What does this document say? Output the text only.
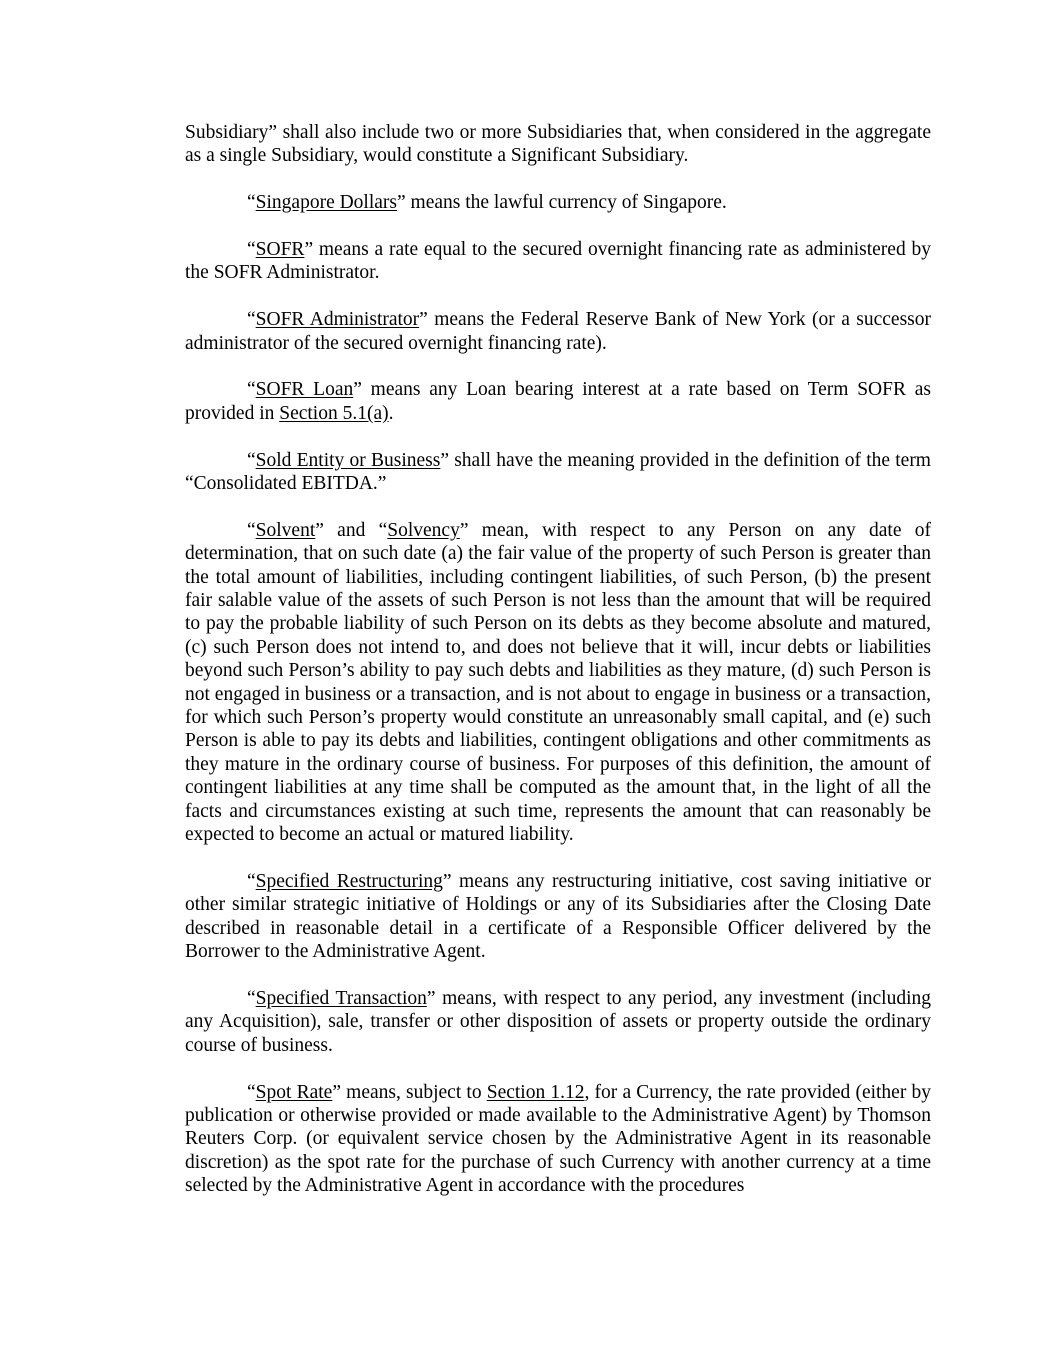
Subsidiary” shall also include two or more Subsidiaries that, when considered in the aggregate as a single Subsidiary, would constitute a Significant Subsidiary.

“Singapore Dollars” means the lawful currency of Singapore.

“SOFR” means a rate equal to the secured overnight financing rate as administered by the SOFR Administrator.

“SOFR Administrator” means the Federal Reserve Bank of New York (or a successor administrator of the secured overnight financing rate).

“SOFR Loan” means any Loan bearing interest at a rate based on Term SOFR as provided in Section 5.1(a).

“Sold Entity or Business” shall have the meaning provided in the definition of the term “Consolidated EBITDA.”

“Solvent” and “Solvency” mean, with respect to any Person on any date of determination, that on such date (a) the fair value of the property of such Person is greater than the total amount of liabilities, including contingent liabilities, of such Person, (b) the present fair salable value of the assets of such Person is not less than the amount that will be required to pay the probable liability of such Person on its debts as they become absolute and matured, (c) such Person does not intend to, and does not believe that it will, incur debts or liabilities beyond such Person’s ability to pay such debts and liabilities as they mature, (d) such Person is not engaged in business or a transaction, and is not about to engage in business or a transaction, for which such Person’s property would constitute an unreasonably small capital, and (e) such Person is able to pay its debts and liabilities, contingent obligations and other commitments as they mature in the ordinary course of business. For purposes of this definition, the amount of contingent liabilities at any time shall be computed as the amount that, in the light of all the facts and circumstances existing at such time, represents the amount that can reasonably be expected to become an actual or matured liability.

“Specified Restructuring” means any restructuring initiative, cost saving initiative or other similar strategic initiative of Holdings or any of its Subsidiaries after the Closing Date described in reasonable detail in a certificate of a Responsible Officer delivered by the Borrower to the Administrative Agent.

“Specified Transaction” means, with respect to any period, any investment (including any Acquisition), sale, transfer or other disposition of assets or property outside the ordinary course of business.

“Spot Rate” means, subject to Section 1.12, for a Currency, the rate provided (either by publication or otherwise provided or made available to the Administrative Agent) by Thomson Reuters Corp. (or equivalent service chosen by the Administrative Agent in its reasonable discretion) as the spot rate for the purchase of such Currency with another currency at a time selected by the Administrative Agent in accordance with the procedures
